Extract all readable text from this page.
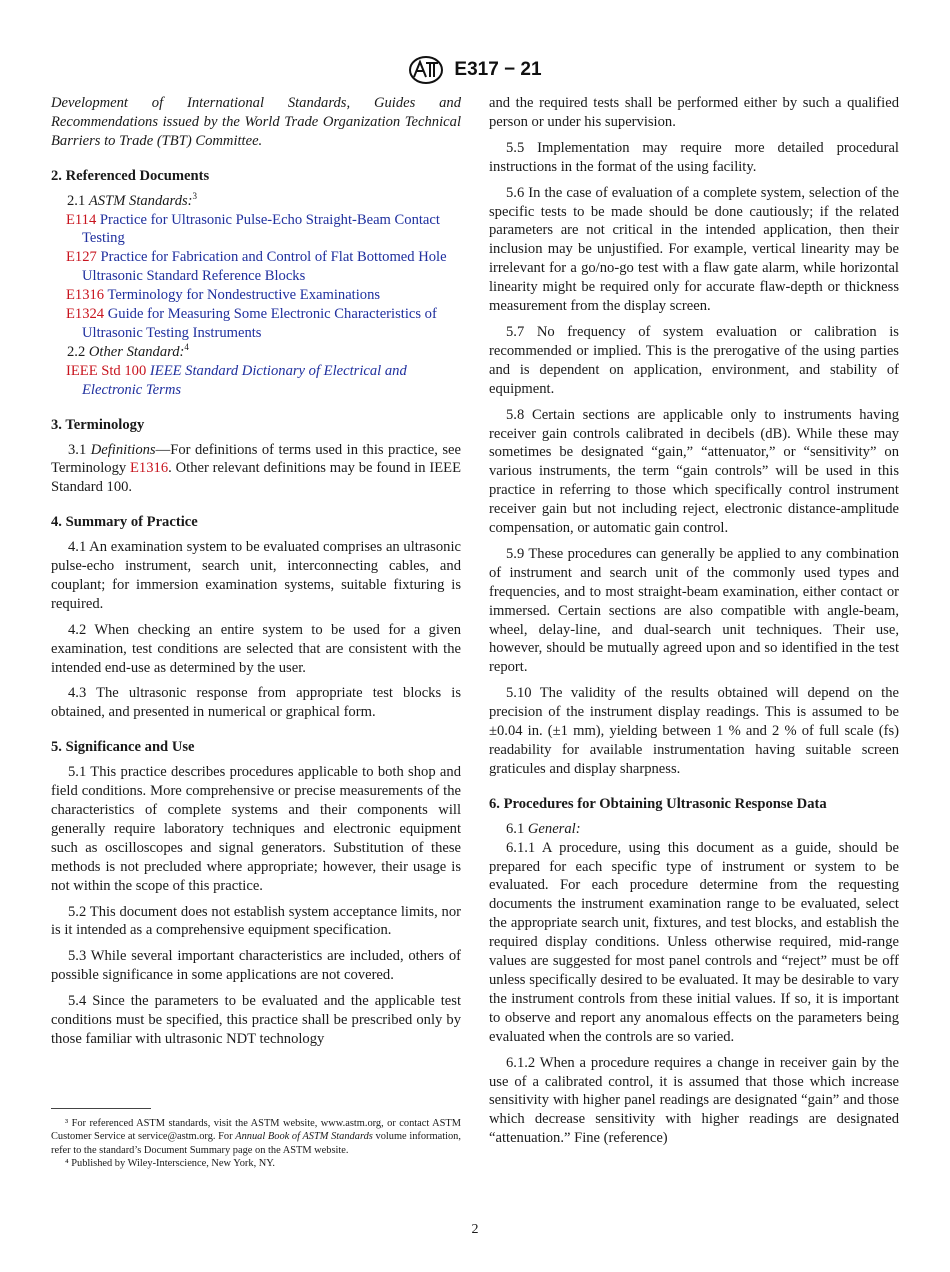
E317 − 21

Development of International Standards, Guides and Recommendations issued by the World Trade Organization Technical Barriers to Trade (TBT) Committee.

2. Referenced Documents
2.1 ASTM Standards:$^3$
E114 Practice for Ultrasonic Pulse-Echo Straight-Beam Contact Testing
E127 Practice for Fabrication and Control of Flat Bottomed Hole Ultrasonic Standard Reference Blocks
E1316 Terminology for Nondestructive Examinations
E1324 Guide for Measuring Some Electronic Characteristics of Ultrasonic Testing Instruments
2.2 Other Standard:$^4$
IEEE Std 100 IEEE Standard Dictionary of Electrical and Electronic Terms
3. Terminology

3.1 Definitions—For definitions of terms used in this practice, see Terminology E1316. Other relevant definitions may be found in IEEE Standard 100.

4. Summary of Practice

4.1 An examination system to be evaluated comprises an ultrasonic pulse-echo instrument, search unit, interconnecting cables, and couplant; for immersion examination systems, suitable fixturing is required.

4.2 When checking an entire system to be used for a given examination, test conditions are selected that are consistent with the intended end-use as determined by the user.

4.3 The ultrasonic response from appropriate test blocks is obtained, and presented in numerical or graphical form.

5. Significance and Use

5.1 This practice describes procedures applicable to both shop and field conditions. More comprehensive or precise measurements of the characteristics of complete systems and their components will generally require laboratory techniques and electronic equipment such as oscilloscopes and signal generators. Substitution of these methods is not precluded where appropriate; however, their usage is not within the scope of this practice.

5.2 This document does not establish system acceptance limits, nor is it intended as a comprehensive equipment specification.

5.3 While several important characteristics are included, others of possible significance in some applications are not covered.

5.4 Since the parameters to be evaluated and the applicable test conditions must be specified, this practice shall be prescribed only by those familiar with ultrasonic NDT technology

³ For referenced ASTM standards, visit the ASTM website, www.astm.org, or contact ASTM Customer Service at service@astm.org. For Annual Book of ASTM Standards volume information, refer to the standard’s Document Summary page on the ASTM website.

⁴ Published by Wiley-Interscience, New York, NY.

and the required tests shall be performed either by such a qualified person or under his supervision.

5.5 Implementation may require more detailed procedural instructions in the format of the using facility.

5.6 In the case of evaluation of a complete system, selection of the specific tests to be made should be done cautiously; if the related parameters are not critical in the intended application, then their inclusion may be unjustified. For example, vertical linearity may be irrelevant for a go/no-go test with a flaw gate alarm, while horizontal linearity might be required only for accurate flaw-depth or thickness measurement from the display screen.

5.7 No frequency of system evaluation or calibration is recommended or implied. This is the prerogative of the using parties and is dependent on application, environment, and stability of equipment.

5.8 Certain sections are applicable only to instruments having receiver gain controls calibrated in decibels (dB). While these may sometimes be designated “gain,” “attenuator,” or “sensitivity” on various instruments, the term “gain controls” will be used in this practice in referring to those which specifically control instrument receiver gain but not including reject, electronic distance-amplitude compensation, or automatic gain control.

5.9 These procedures can generally be applied to any combination of instrument and search unit of the commonly used types and frequencies, and to most straight-beam examination, either contact or immersed. Certain sections are also compatible with angle-beam, wheel, delay-line, and dual-search unit techniques. Their use, however, should be mutually agreed upon and so identified in the test report.

5.10 The validity of the results obtained will depend on the precision of the instrument display readings. This is assumed to be ±0.04 in. (±1 mm), yielding between 1 % and 2 % of full scale (fs) readability for available instrumentation having suitable screen graticules and display sharpness.

6. Procedures for Obtaining Ultrasonic Response Data

6.1 General:

6.1.1 A procedure, using this document as a guide, should be prepared for each specific type of instrument or system to be evaluated. For each procedure determine from the requesting documents the instrument examination range to be evaluated, select the appropriate search unit, fixtures, and test blocks, and establish the required display conditions. Unless otherwise required, mid-range values are suggested for most panel controls and “reject” must be off unless specifically desired to be evaluated. It may be desirable to vary the instrument controls from these initial values. If so, it is important to observe and report any anomalous effects on the parameters being evaluated when the controls are so varied.

6.1.2 When a procedure requires a change in receiver gain by the use of a calibrated control, it is assumed that those which increase sensitivity with higher panel readings are designated “gain” and those which decrease sensitivity with higher readings are designated “attenuation.” Fine (reference)

2
